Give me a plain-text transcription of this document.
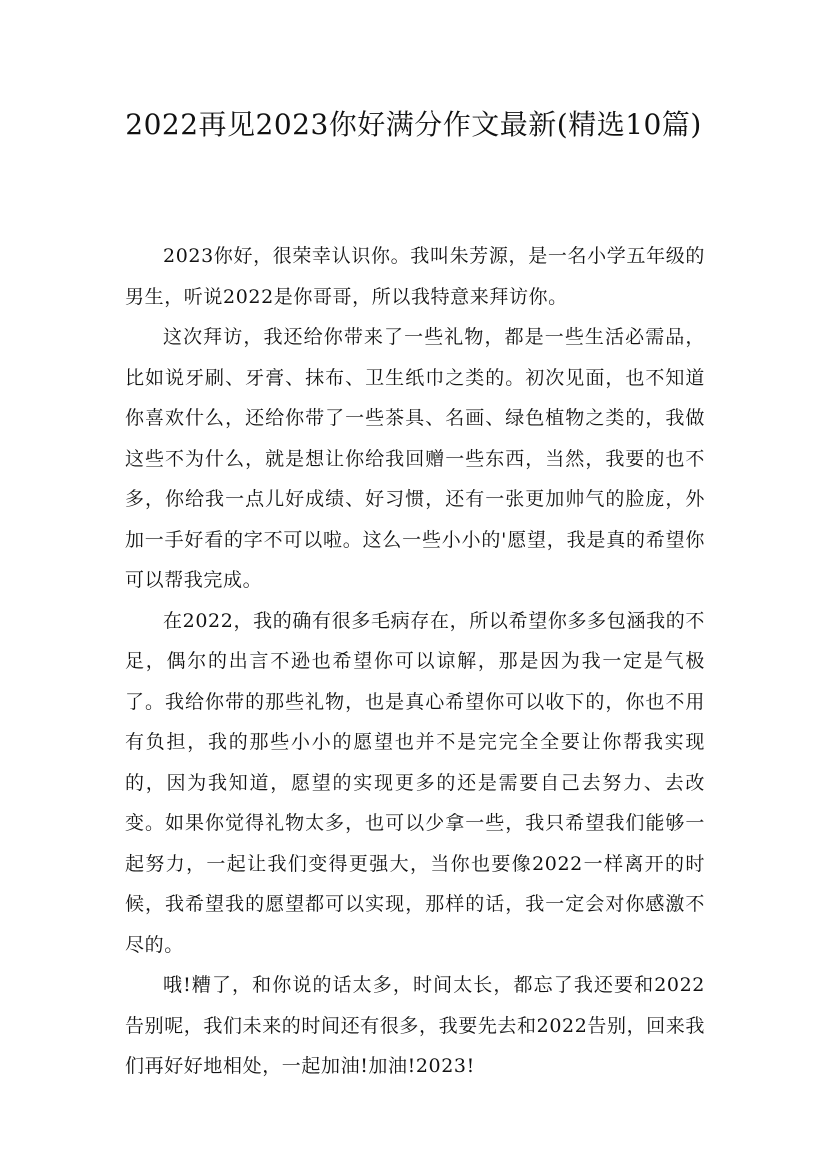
2022再见2023你好满分作文最新(精选10篇)

2023你好，很荣幸认识你。我叫朱芳源，是一名小学五年级的男生，听说2022是你哥哥，所以我特意来拜访你。

这次拜访，我还给你带来了一些礼物，都是一些生活必需品，比如说牙刷、牙膏、抹布、卫生纸巾之类的。初次见面，也不知道你喜欢什么，还给你带了一些茶具、名画、绿色植物之类的，我做这些不为什么，就是想让你给我回赠一些东西，当然，我要的也不多，你给我一点儿好成绩、好习惯，还有一张更加帅气的脸庞，外加一手好看的字不可以啦。这么一些小小的'愿望，我是真的希望你可以帮我完成。

在2022，我的确有很多毛病存在，所以希望你多多包涵我的不足，偶尔的出言不逊也希望你可以谅解，那是因为我一定是气极了。我给你带的那些礼物，也是真心希望你可以收下的，你也不用有负担，我的那些小小的愿望也并不是完完全全要让你帮我实现的，因为我知道，愿望的实现更多的还是需要自己去努力、去改变。如果你觉得礼物太多，也可以少拿一些，我只希望我们能够一起努力，一起让我们变得更强大，当你也要像2022一样离开的时候，我希望我的愿望都可以实现，那样的话，我一定会对你感激不尽的。

哦!糟了，和你说的话太多，时间太长，都忘了我还要和2022告别呢，我们未来的时间还有很多，我要先去和2022告别，回来我们再好好地相处，一起加油!加油!2023!
